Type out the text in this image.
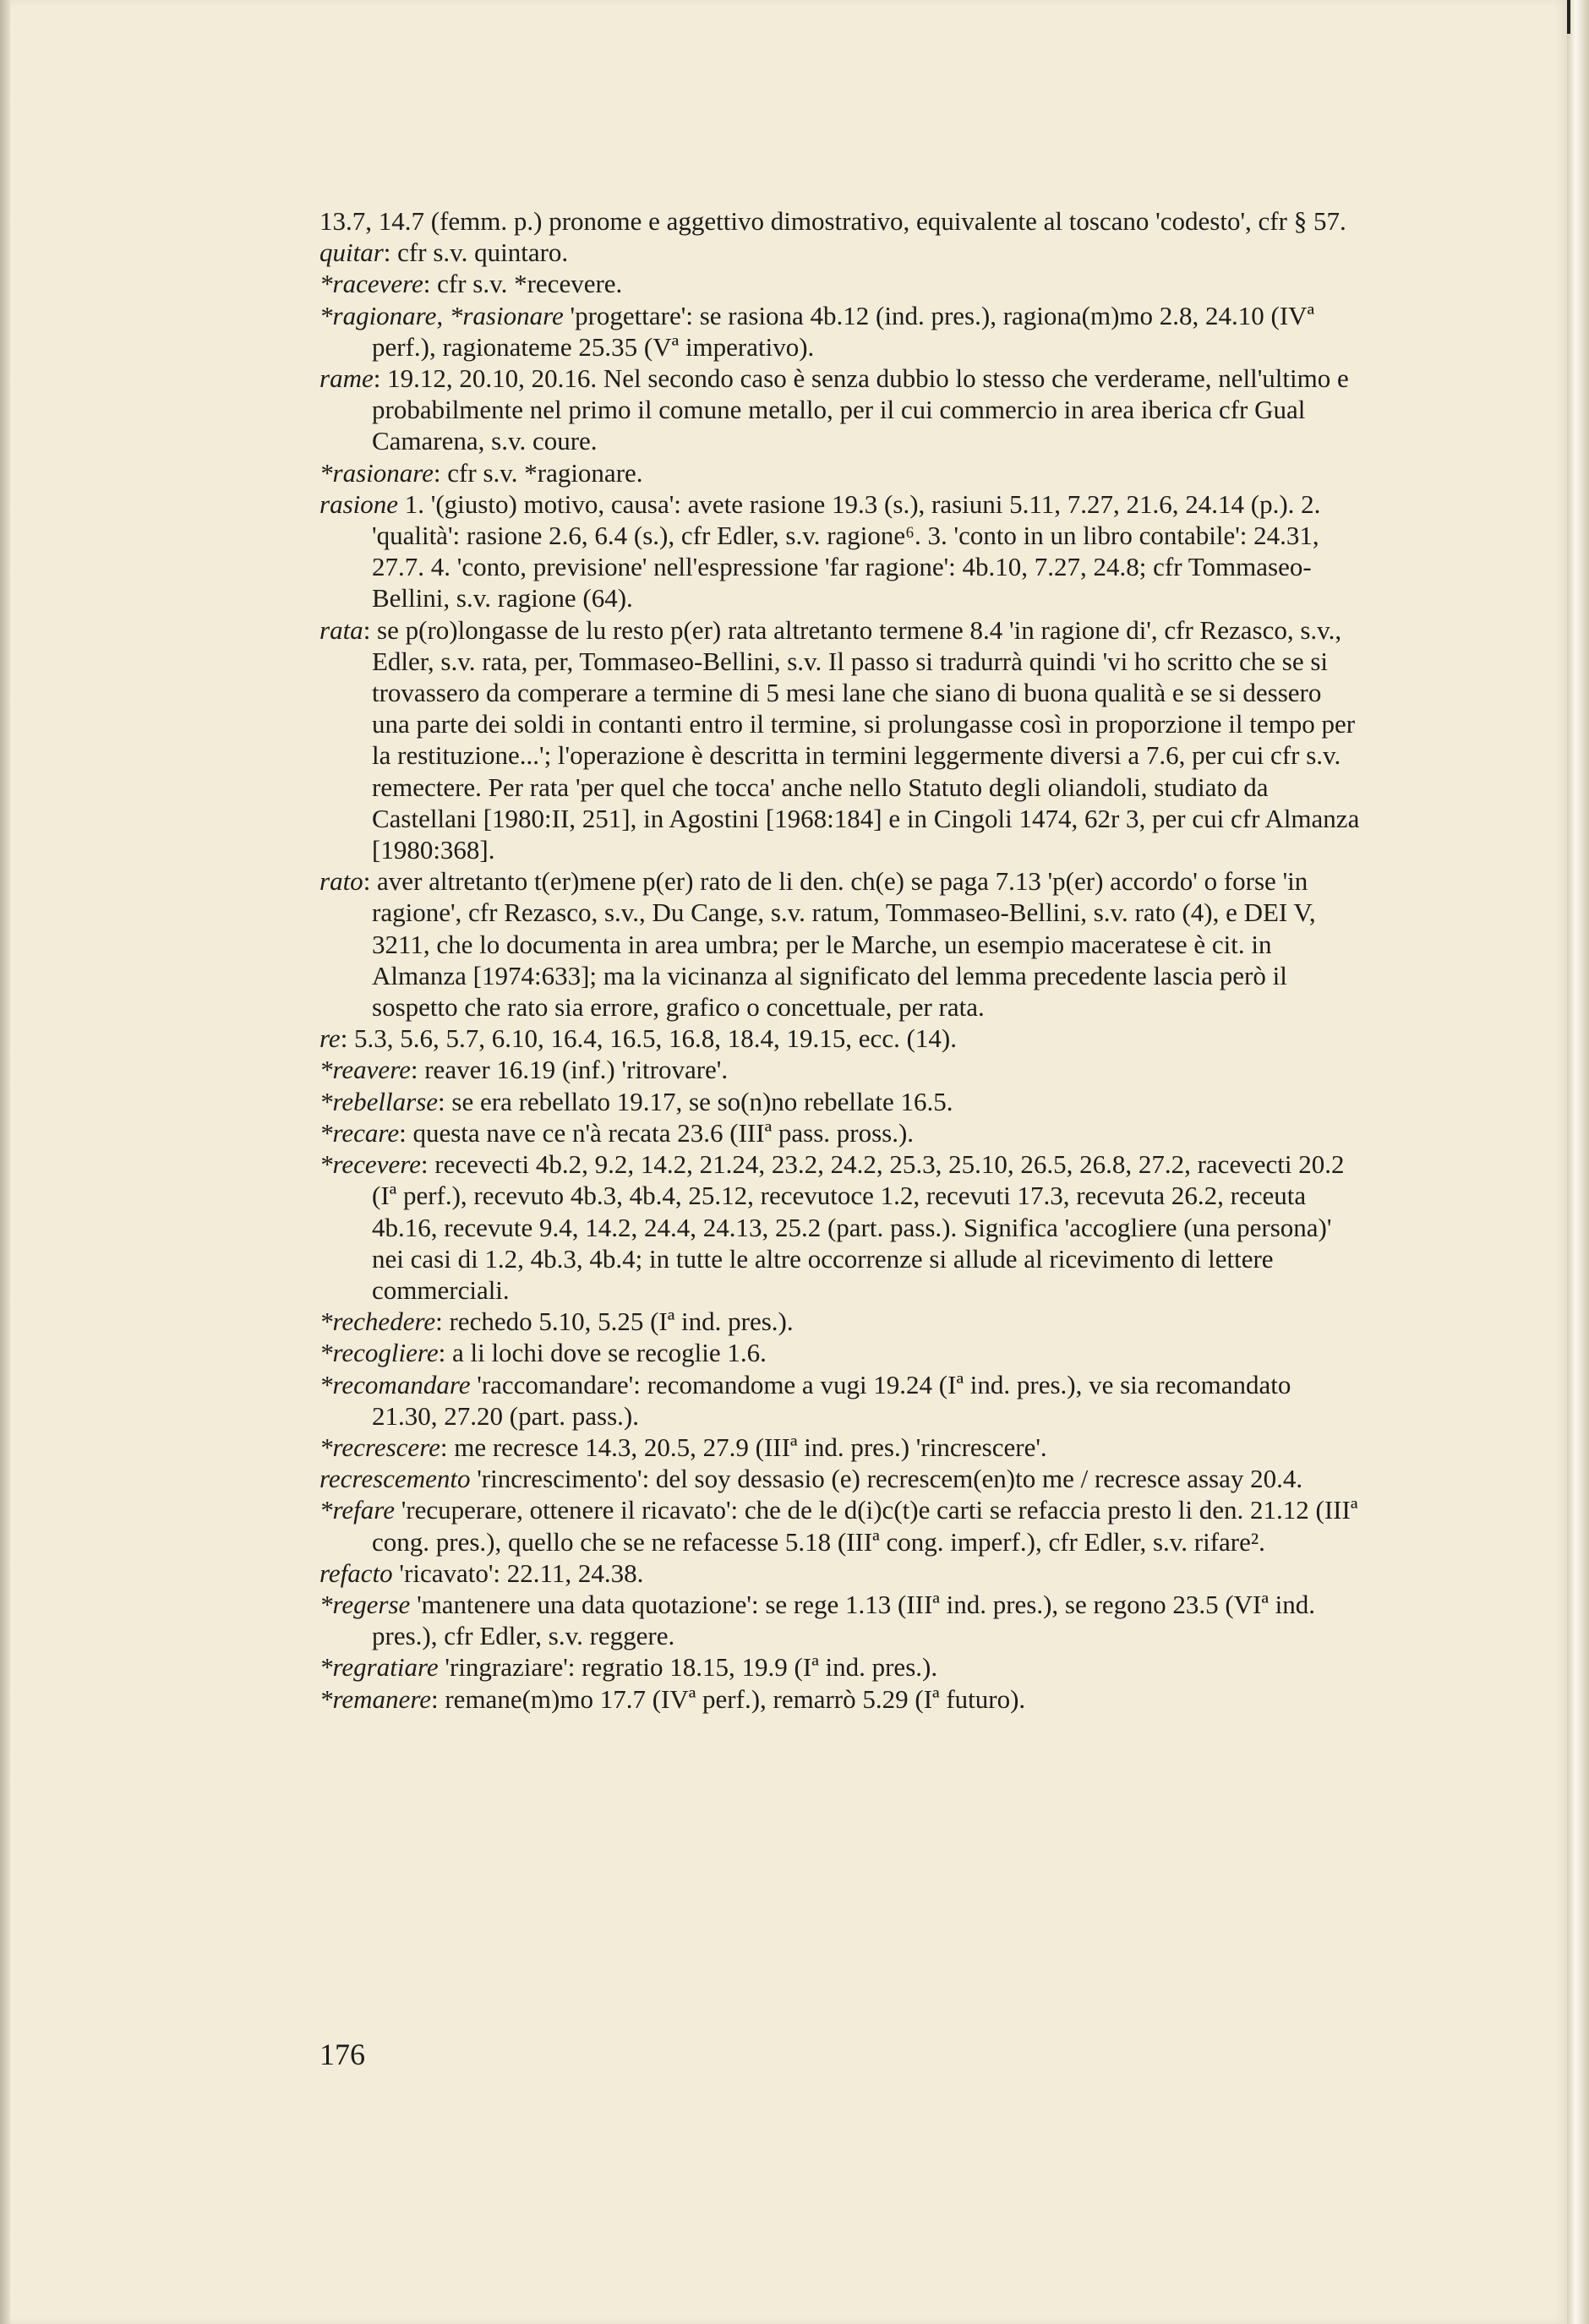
13.7, 14.7 (femm. p.) pronome e aggettivo dimostrativo, equivalente al toscano 'codesto', cfr § 57.
quitar: cfr s.v. quintaro.
*racevere: cfr s.v. *recevere.
*ragionare, *rasionare 'progettare': se rasiona 4b.12 (ind. pres.), ragiona(m)mo 2.8, 24.10 (IVª perf.), ragionateme 25.35 (Vª imperativo).
rame: 19.12, 20.10, 20.16. Nel secondo caso è senza dubbio lo stesso che verderame, nell'ultimo e probabilmente nel primo il comune metallo, per il cui commercio in area iberica cfr Gual Camarena, s.v. coure.
*rasionare: cfr s.v. *ragionare.
rasione 1. '(giusto) motivo, causa': avete rasione 19.3 (s.), rasiuni 5.11, 7.27, 21.6, 24.14 (p.). 2. 'qualità': rasione 2.6, 6.4 (s.), cfr Edler, s.v. ragione⁶. 3. 'conto in un libro contabile': 24.31, 27.7. 4. 'conto, previsione' nell'espressione 'far ragione': 4b.10, 7.27, 24.8; cfr Tommaseo-Bellini, s.v. ragione (64).
rata: se p(ro)longasse de lu resto p(er) rata altretanto termene 8.4 'in ragione di', cfr Rezasco, s.v., Edler, s.v. rata, per, Tommaseo-Bellini, s.v. Il passo si tradurrà quindi 'vi ho scritto che se si trovassero da comperare a termine di 5 mesi lane che siano di buona qualità e se si dessero una parte dei soldi in contanti entro il termine, si prolungasse così in proporzione il tempo per la restituzione...'; l'operazione è descritta in termini leggermente diversi a 7.6, per cui cfr s.v. remectere. Per rata 'per quel che tocca' anche nello Statuto degli oliandoli, studiato da Castellani [1980:II, 251], in Agostini [1968:184] e in Cingoli 1474, 62r 3, per cui cfr Almanza [1980:368].
rato: aver altretanto t(er)mene p(er) rato de li den. ch(e) se paga 7.13 'p(er) accordo' o forse 'in ragione', cfr Rezasco, s.v., Du Cange, s.v. ratum, Tommaseo-Bellini, s.v. rato (4), e DEI V, 3211, che lo documenta in area umbra; per le Marche, un esempio maceratese è cit. in Almanza [1974:633]; ma la vicinanza al significato del lemma precedente lascia però il sospetto che rato sia errore, grafico o concettuale, per rata.
re: 5.3, 5.6, 5.7, 6.10, 16.4, 16.5, 16.8, 18.4, 19.15, ecc. (14).
*reavere: reaver 16.19 (inf.) 'ritrovare'.
*rebellarse: se era rebellato 19.17, se so(n)no rebellate 16.5.
*recare: questa nave ce n'à recata 23.6 (IIIª pass. pross.).
*recevere: recevecti 4b.2, 9.2, 14.2, 21.24, 23.2, 24.2, 25.3, 25.10, 26.5, 26.8, 27.2, racevecti 20.2 (Iª perf.), recevuto 4b.3, 4b.4, 25.12, recevutoce 1.2, recevuti 17.3, recevuta 26.2, receuta 4b.16, recevute 9.4, 14.2, 24.4, 24.13, 25.2 (part. pass.). Significa 'accogliere (una persona)' nei casi di 1.2, 4b.3, 4b.4; in tutte le altre occorrenze si allude al ricevimento di lettere commerciali.
*rechedere: rechedo 5.10, 5.25 (Iª ind. pres.).
*recogliere: a li lochi dove se recoglie 1.6.
*recomandare 'raccomandare': recomandome a vugi 19.24 (Iª ind. pres.), ve sia recomandato 21.30, 27.20 (part. pass.).
*recrescere: me recresce 14.3, 20.5, 27.9 (IIIª ind. pres.) 'rincrescere'.
recrescemento 'rincrescimento': del soy dessasio (e) recrescem(en)to me / recresce assay 20.4.
*refare 'recuperare, ottenere il ricavato': che de le d(i)c(t)e carti se refaccia presto li den. 21.12 (IIIª cong. pres.), quello che se ne refacesse 5.18 (IIIª cong. imperf.), cfr Edler, s.v. rifare².
refacto 'ricavato': 22.11, 24.38.
*regerse 'mantenere una data quotazione': se rege 1.13 (IIIª ind. pres.), se regono 23.5 (VIª ind. pres.), cfr Edler, s.v. reggere.
*regratiare 'ringraziare': regratio 18.15, 19.9 (Iª ind. pres.).
*remanere: remane(m)mo 17.7 (IVª perf.), remarrò 5.29 (Iª futuro).
176
